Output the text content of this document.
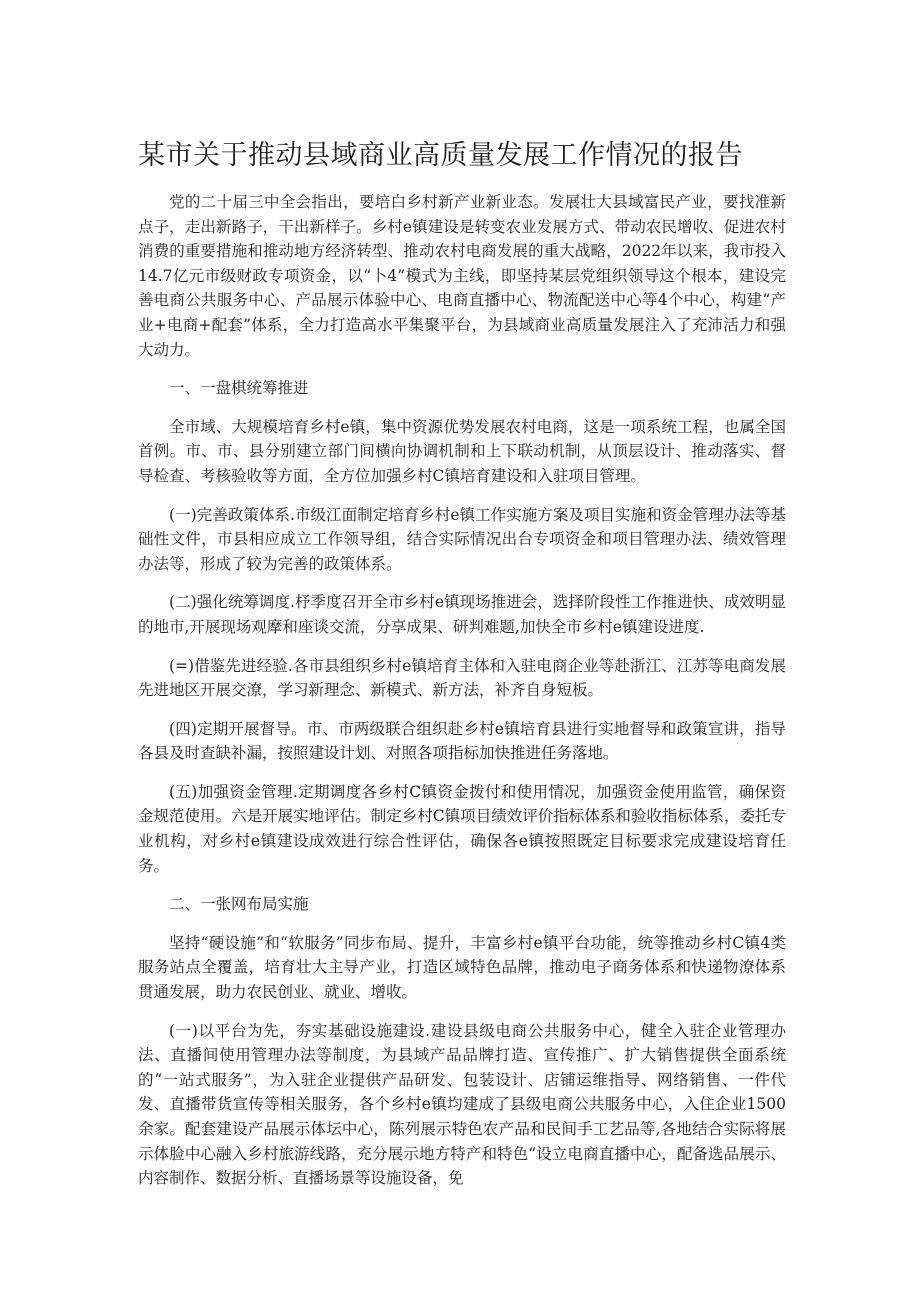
某市关于推动县域商业高质量发展工作情况的报告

党的二十届三中全会指出，要培白乡村新产业新业态。发展壮大县域富民产业，要找准新点子，走出新路子，干出新样子。乡村e镇建设是转变农业发展方式、带动农民增收、促进农村消费的重要措施和推动地方经济转型、推动农村电商发展的重大战略，2022年以来，我市投入14.7亿元市级财政专项资金，以“卜4”模式为主线，即坚持某层党组织领导这个根本，建设完善电商公共服务中心、产品展示体验中心、电商直播中心、物流配送中心等4个中心，构建“产业+电商+配套”体系，全力打造高水平集聚平台，为县域商业高质量发展注入了充沛活力和强大动力。

一、一盘棋统筹推进

全市域、大规模培育乡村e镇，集中资源优势发展农村电商，这是一项系统工程，也属全国首例。市、市、县分别建立部门间横向协调机制和上下联动机制，从顶层设计、推动落实、督导检查、考核验收等方面，全方位加强乡村C镇培育建设和入驻项目管理。

(一)完善政策体系.市级江面制定培育乡村e镇工作实施方案及项目实施和资金管理办法等基础性文件，市县相应成立工作领导组，结合实际情况出台专项资金和项目管理办法、绩效管理办法等，形成了较为完善的政策体系。

(二)强化统筹调度.杼季度召开全市乡村e镇现场推进会，选择阶段性工作推进快、成效明显的地市,开展现场观摩和座谈交流，分享成果、研判难题,加快全市乡村e镇建设进度.

(=)借鉴先进经验.各市县组织乡村e镇培育主体和入驻电商企业等赴浙江、江苏等电商发展先进地区开展交潦，学习新理念、新模式、新方法，补齐自身短板。

(四)定期开展督导。市、市两级联合组织赴乡村e镇培育县进行实地督导和政策宣讲，指导各县及时查缺补漏，按照建设计划、对照各项指标加快推进任务落地。

(五)加强资金管理.定期调度各乡村C镇资金拨付和使用情况，加强资金使用监管，确保资金规范使用。六是开展实地评估。制定乡村C镇项目绩效评价指标体系和验收指标体系，委托专业机构，对乡村e镇建设成效进行综合性评估，确保各e镇按照既定目标要求完成建设培育任务。

二、一张网布局实施

坚持“硬设施”和“软服务”同步布局、提升，丰富乡村e镇平台功能，统等推动乡村C镇4类服务站点全覆盖，培育壮大主导产业，打造区域特色品牌，推动电子商务体系和快递物潦体系贯通发展，助力农民创业、就业、增收。

(一)以平台为先，夯实基础设施建设.建设县级电商公共服务中心，健全入驻企业管理办法、直播间使用管理办法等制度，为县域产品品牌打造、宣传推广、扩大销售提供全面系统的“一站式服务”，为入驻企业提供产品研发、包装设计、店铺运维指导、网络销售、一件代发、直播带货宣传等相关服务，各个乡村e镇均建成了县级电商公共服务中心，入住企业1500余家。配套建设产品展示体坛中心，陈列展示特色农产品和民间手工艺品等,各地结合实际将展示体脸中心融入乡村旅游线路，充分展示地方特产和特色“设立电商直播中心，配备选品展示、内容制作、数据分析、直播场景等设施设备，免
